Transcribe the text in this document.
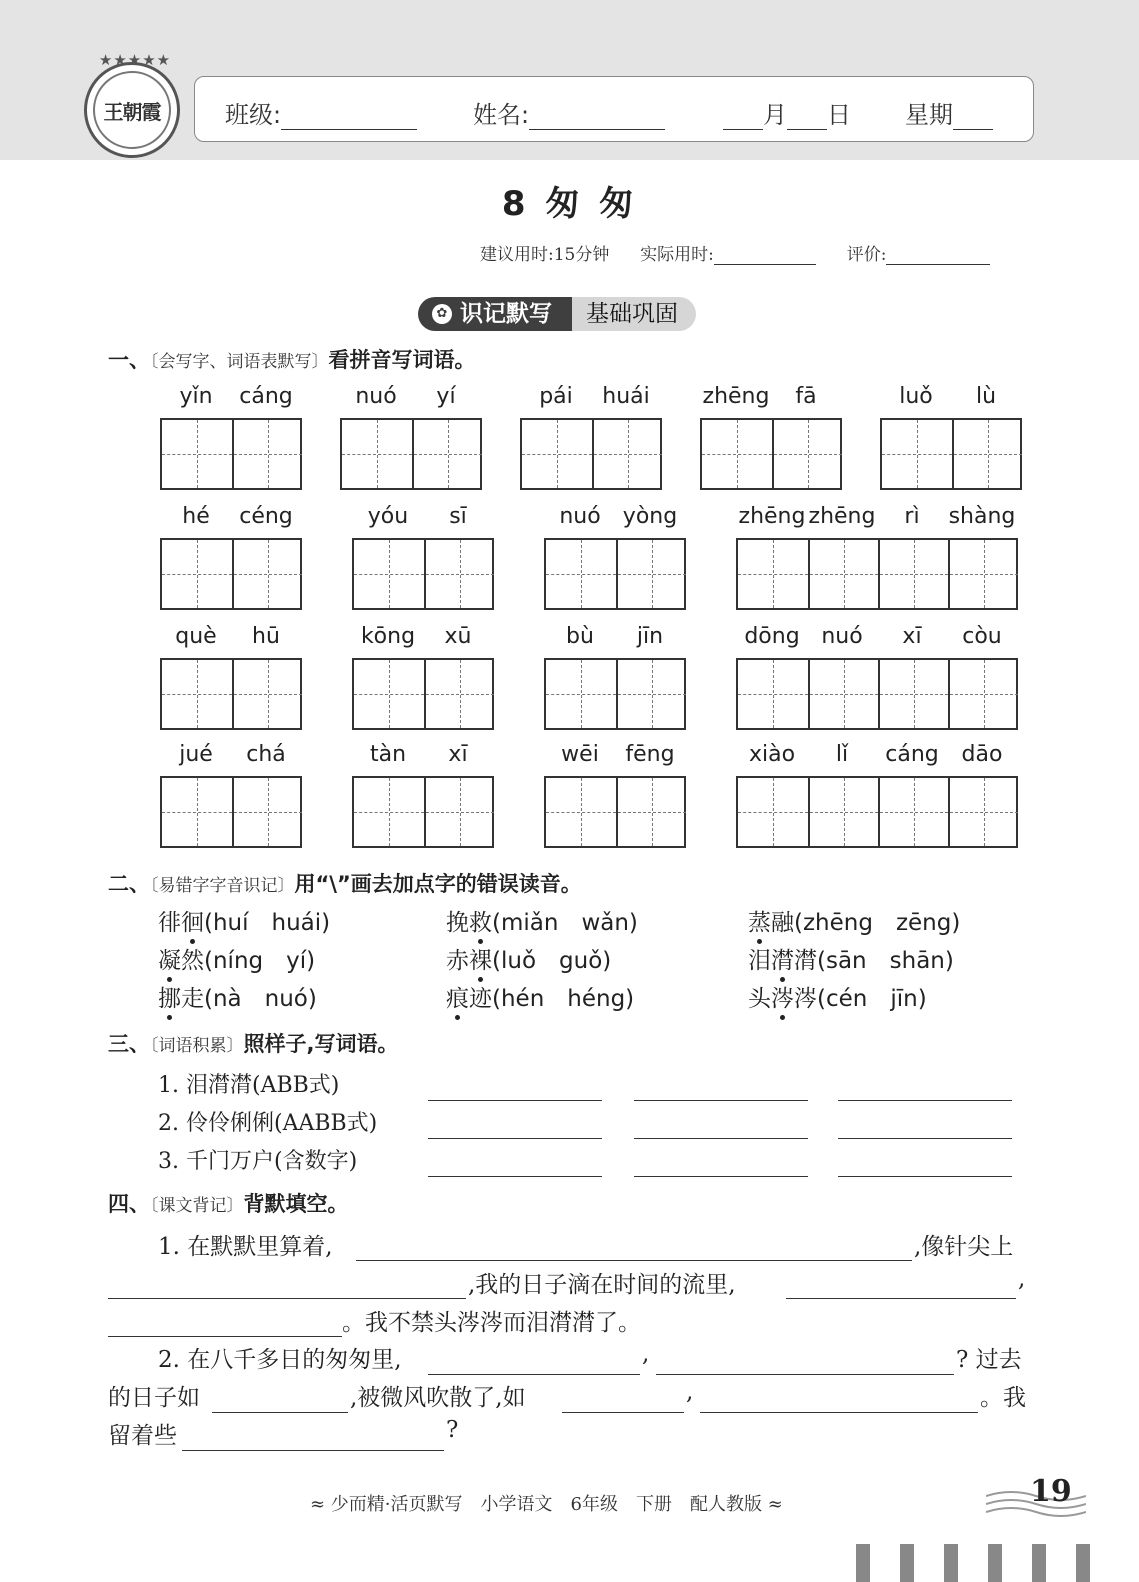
★★★★★
王朝霞	班级:	姓名:	月 日 星期
8 匆 匆
建议用时:15分钟 实际用时:	评价:
✿ 识记默写	基础巩固
一、〔会写字、词语表默写〕看拼音写词语。
yǐn	cáng	nuó	yí	pái	huái	zhēng	fā	luǒ	lù
hé	céng	yóu	sī	nuó	yòng	zhēng zhēng	rì	shàng
què	hū	kōng	xū	bù	jīn	dōng nuó	xī	còu
jué	chá	tàn	xī	wēi	fēng	xiào	lǐ	cáng	dāo
二、〔易错字字音识记〕用“\”画去加点字的错误读音。
徘徊(huí　huái)	挽救(miǎn　wǎn)	蒸融(zhēng　zēng)
凝然(níng　yí)	赤裸(luǒ　guǒ)	泪潸潸(sān　shān)
挪走(nà　nuó)	痕迹(hén　héng)	头涔涔(cén　jīn)
三、〔词语积累〕照样子,写词语。
1. 泪潸潸(ABB式)
2. 伶伶俐俐(AABB式)
3. 千门万户(含数字)
四、〔课文背记〕背默填空。
1. 在默默里算着,	,像针尖上
,我的日子滴在时间的流里,	,
。我不禁头涔涔而泪潸潸了。
2. 在八千多日的匆匆里,	,	? 过去
的日子如	,被微风吹散了,如	,	。我
留着些	?
≈ 少而精·活页默写　小学语文　6年级　下册　配人教版 ≈	19
